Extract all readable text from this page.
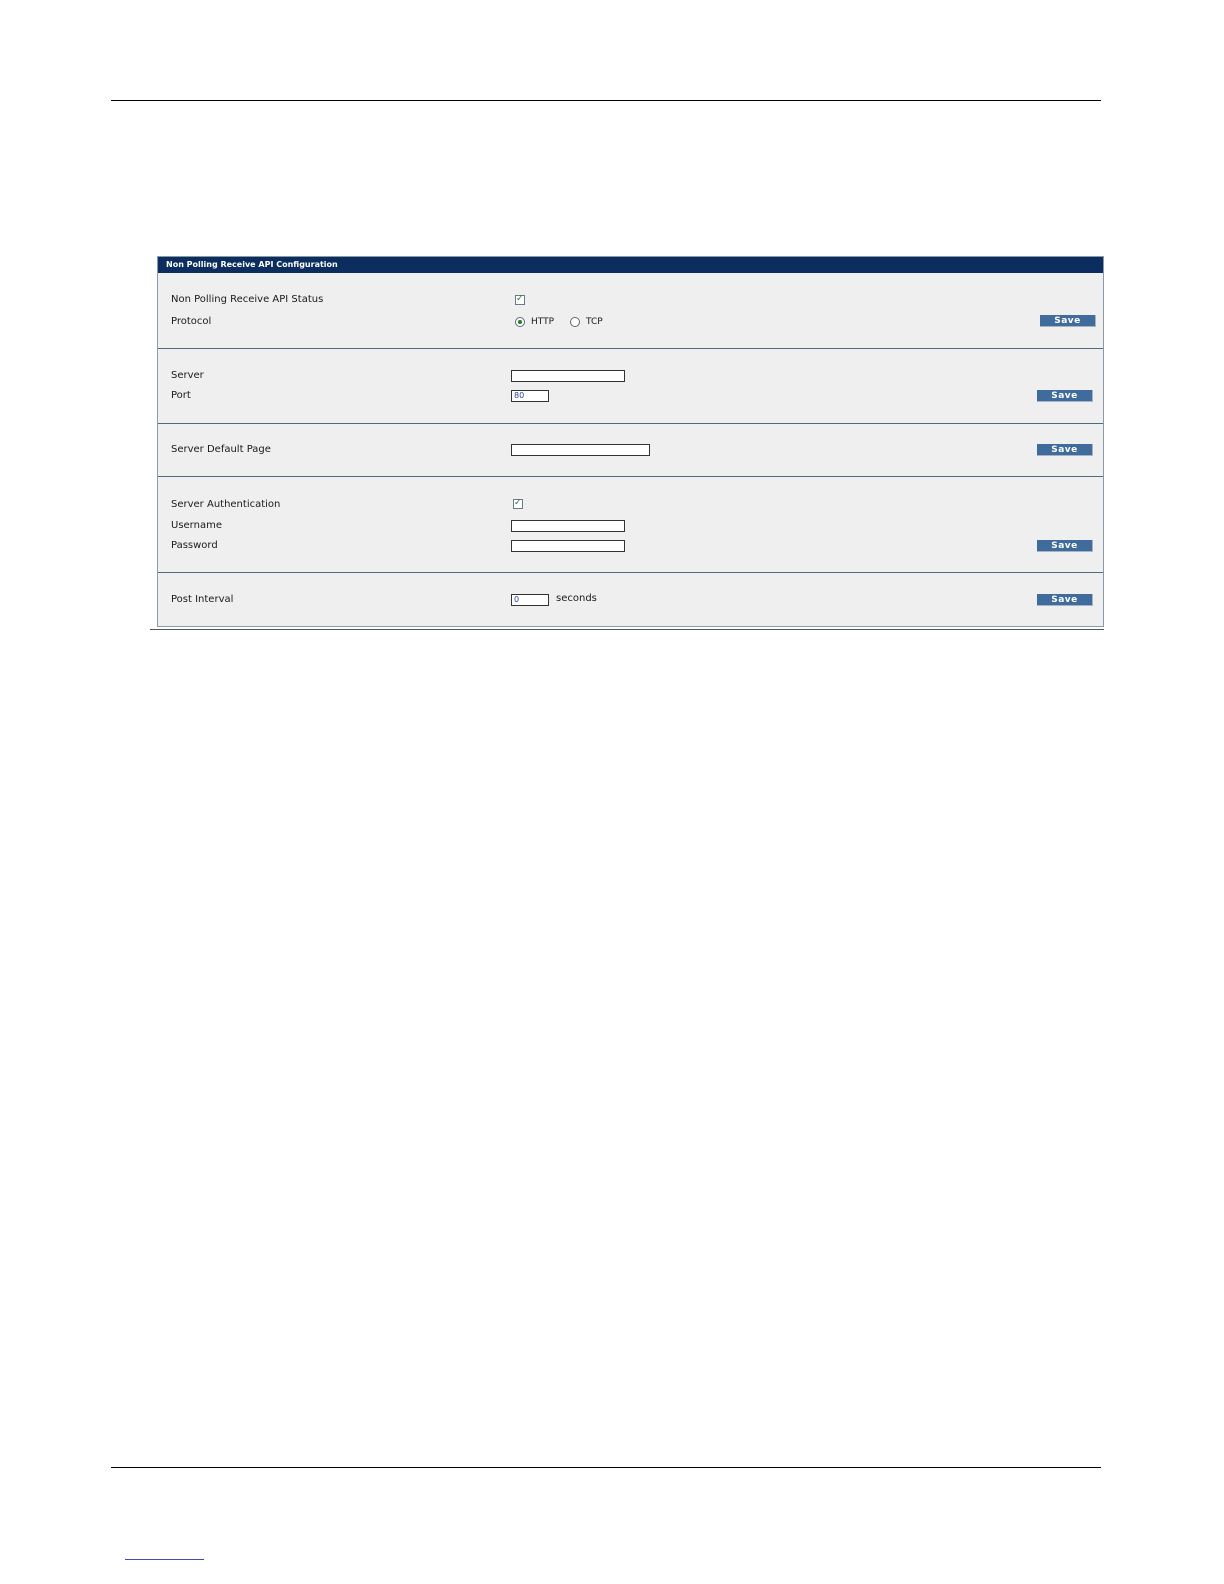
Non Polling Receive API Configuration
Non Polling Receive API Status	✓
Protocol	HTTP	TCP	Save
Server
Port	80	Save
Server Default Page	Save
Server Authentication	✓
Username
Password	Save
Post Interval	0	seconds	Save
